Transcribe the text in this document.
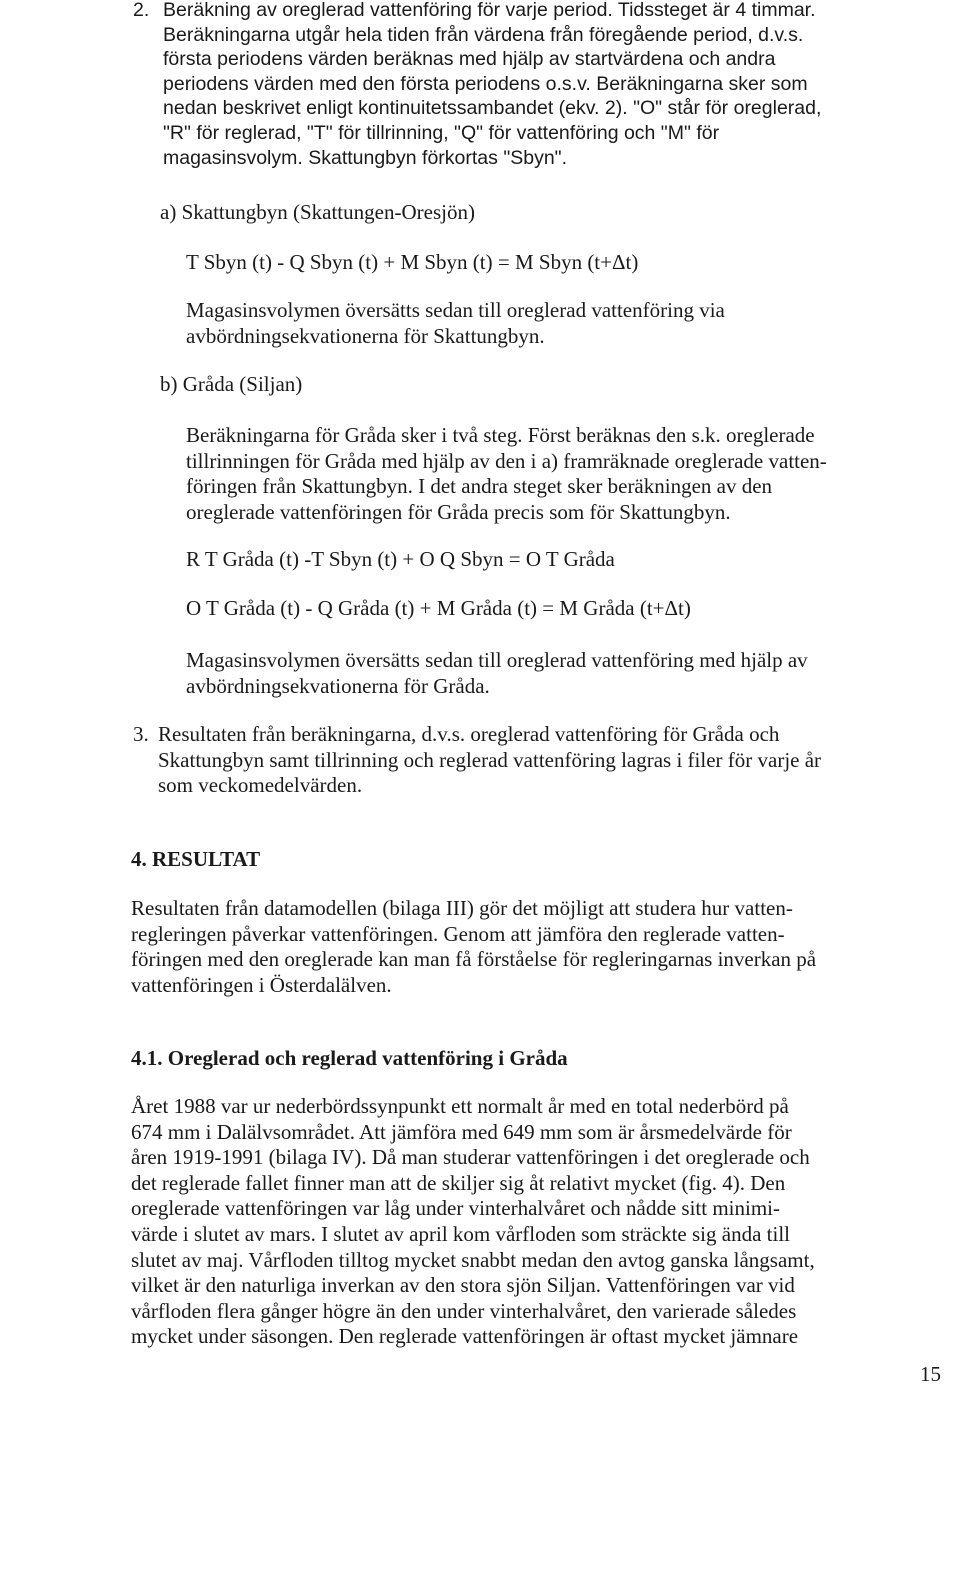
2. Beräkning av oreglerad vattenföring för varje period. Tidssteget är 4 timmar.
Beräkningarna utgår hela tiden från värdena från föregående period, d.v.s.
första periodens värden beräknas med hjälp av startvärdena och andra
periodens värden med den första periodens o.s.v. Beräkningarna sker som
nedan beskrivet enligt kontinuitetssambandet (ekv. 2). "O" står för oreglerad,
"R" för reglerad, "T" för tillrinning, "Q" för vattenföring och "M" för
magasinsvolym. Skattungbyn förkortas "Sbyn".
a) Skattungbyn (Skattungen-Oresjön)
T Sbyn (t) - Q Sbyn (t) + M Sbyn (t) = M Sbyn (t+Δt)
Magasinsvolymen översätts sedan till oreglerad vattenföring via
avbördningsekvationerna för Skattungbyn.
b) Gråda (Siljan)
Beräkningarna för Gråda sker i två steg. Först beräknas den s.k. oreglerade
tillrinningen för Gråda med hjälp av den i a) framräknade oreglerade vatten-
föringen från Skattungbyn. I det andra steget sker beräkningen av den
oreglerade vattenföringen för Gråda precis som för Skattungbyn.
R T Gråda (t) -T Sbyn (t) + O Q Sbyn = O T Gråda
O T Gråda (t) - Q Gråda (t) + M Gråda (t) = M Gråda (t+Δt)
Magasinsvolymen översätts sedan till oreglerad vattenföring med hjälp av
avbördningsekvationerna för Gråda.
3. Resultaten från beräkningarna, d.v.s. oreglerad vattenföring för Gråda och
Skattungbyn samt tillrinning och reglerad vattenföring lagras i filer för varje år
som veckomedelvärden.
4. RESULTAT
Resultaten från datamodellen (bilaga III) gör det möjligt att studera hur vatten-
regleringen påverkar vattenföringen. Genom att jämföra den reglerade vatten-
föringen med den oreglerade kan man få förståelse för regleringarnas inverkan på
vattenföringen i Österdalälven.
4.1. Oreglerad och reglerad vattenföring i Gråda
Året 1988 var ur nederbördssynpunkt ett normalt år med en total nederbörd på
674 mm i Dalälvsområdet. Att jämföra med 649 mm som är årsmedelvärde för
åren 1919-1991 (bilaga IV). Då man studerar vattenföringen i det oreglerade och
det reglerade fallet finner man att de skiljer sig åt relativt mycket (fig. 4). Den
oreglerade vattenföringen var låg under vinterhalvåret och nådde sitt minimi-
värde i slutet av mars. I slutet av april kom vårfloden som sträckte sig ända till
slutet av maj. Vårfloden tilltog mycket snabbt medan den avtog ganska långsamt,
vilket är den naturliga inverkan av den stora sjön Siljan. Vattenföringen var vid
vårfloden flera gånger högre än den under vinterhalvåret, den varierade således
mycket under säsongen. Den reglerade vattenföringen är oftast mycket jämnare
15
